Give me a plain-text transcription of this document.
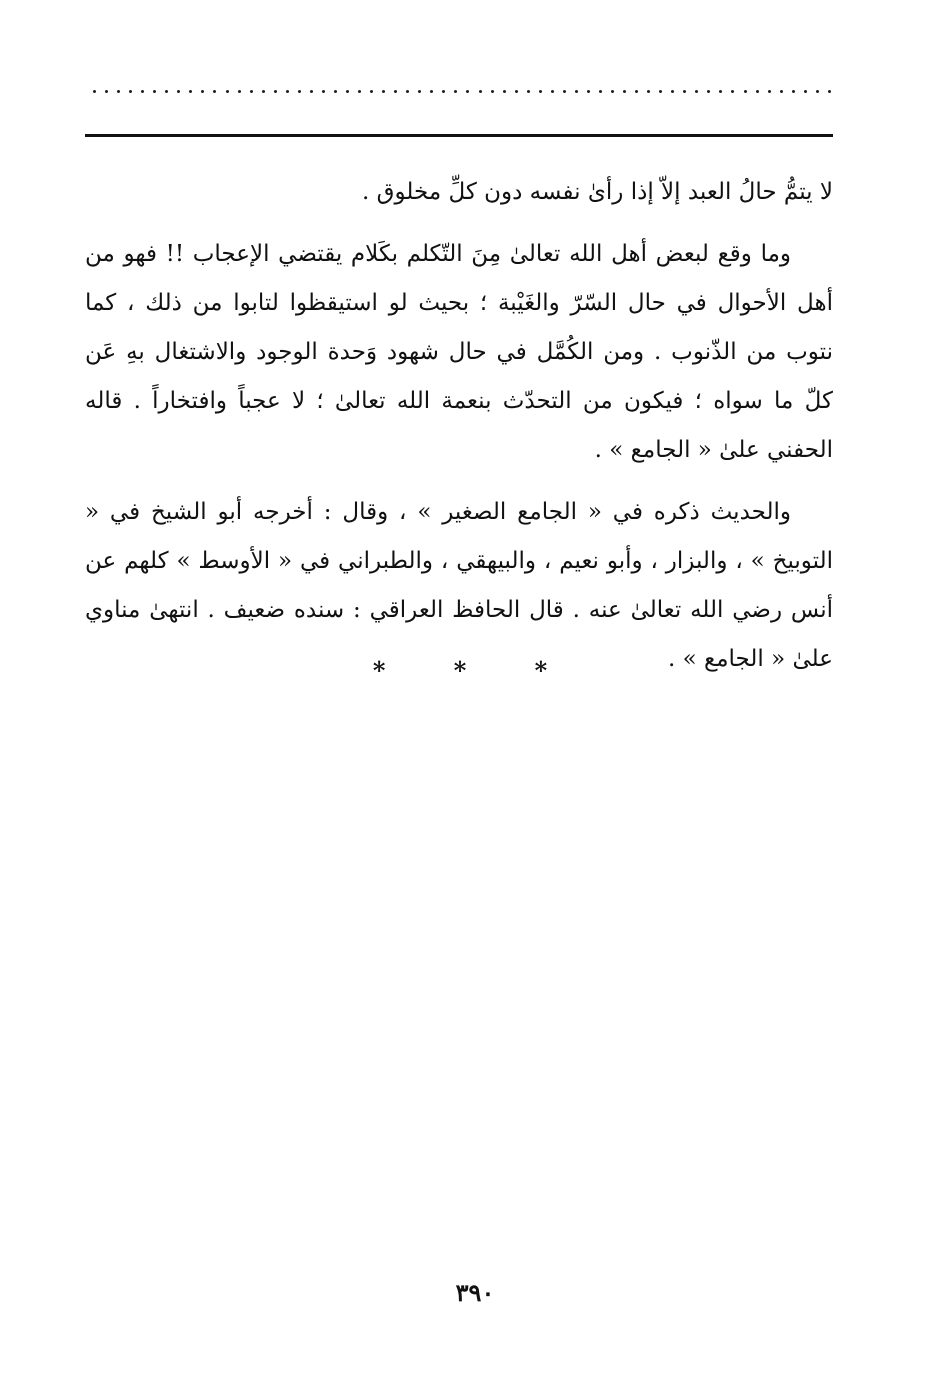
لا يتمُّ حالُ العبد إلاّ إذا رأىٰ نفسه دون كلِّ مخلوق .

وما وقع لبعض أهل الله تعالىٰ مِنَ التّكلم بكَلام يقتضي الإعجاب !! فهو من أهل الأحوال في حال السّرّ والغَيْبة ؛ بحيث لو استيقظوا لتابوا من ذلك ، كما نتوب من الذّنوب . ومن الكُمَّل في حال شهود وَحدة الوجود والاشتغال بهِ عَن كلّ ما سواه ؛ فيكون من التحدّث بنعمة الله تعالىٰ ؛ لا عجباً وافتخاراً . قاله الحفني علىٰ « الجامع » .

والحديث ذكره في « الجامع الصغير » ، وقال : أخرجه أبو الشيخ في « التوبيخ » ، والبزار ، وأبو نعيم ، والبيهقي ، والطبراني في « الأوسط » كلهم عن أنس رضي الله تعالىٰ عنه . قال الحافظ العراقي : سنده ضعيف . انتهىٰ مناوي علىٰ « الجامع » .

* * *
٣٩٠
